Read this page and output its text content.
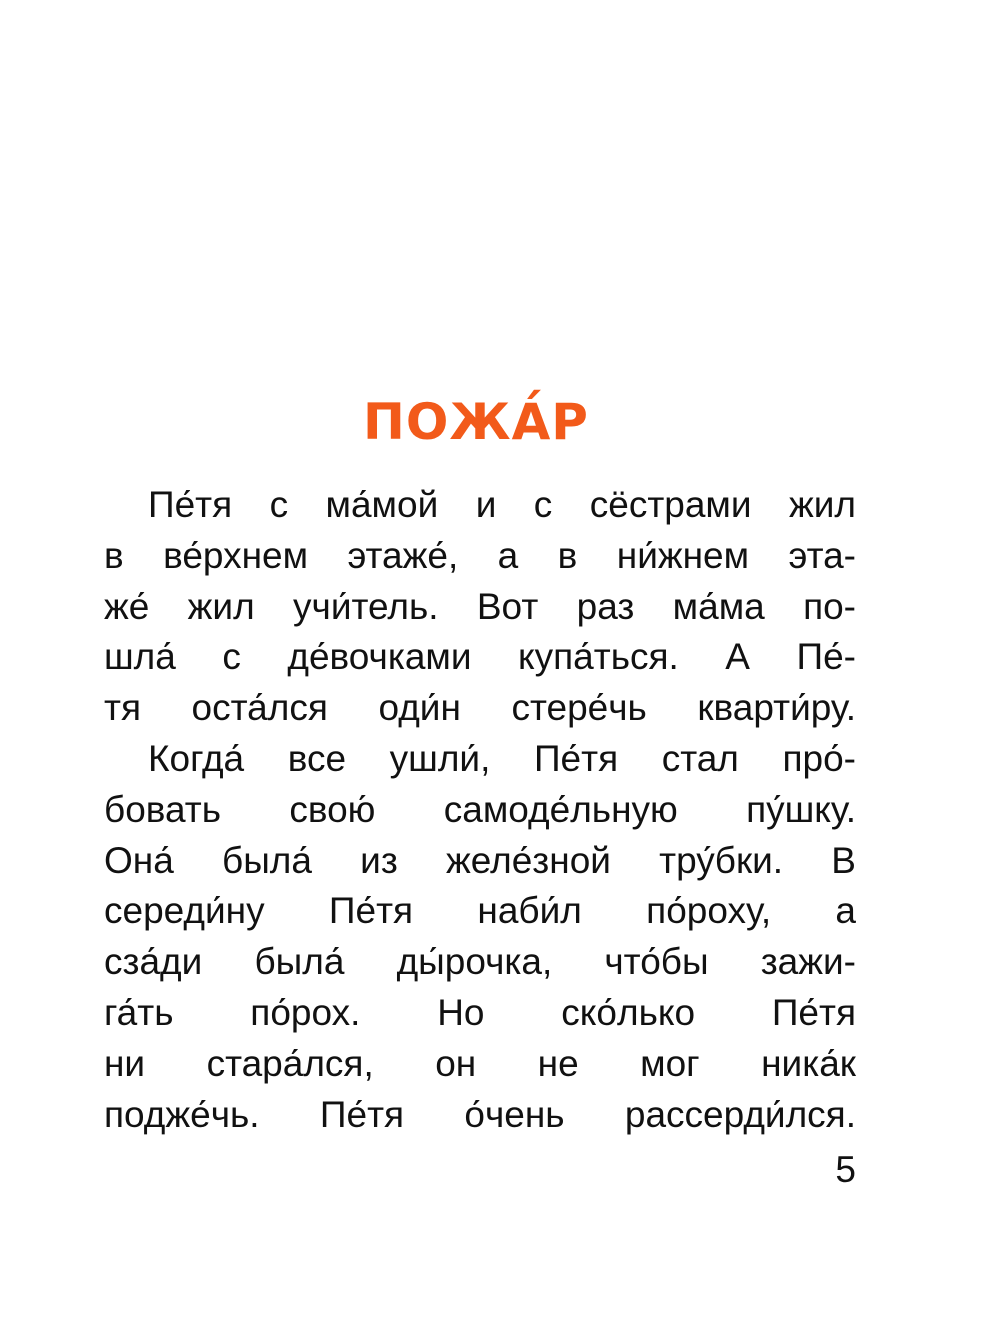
ПОЖА́Р
Пе́тя с ма́мой и с сёстрами жил
в ве́рхнем этаже́, а в ни́жнем эта-
же́ жил учи́тель. Вот раз ма́ма по-
шла́ с де́вочками купа́ться. А Пе́-
тя оста́лся оди́н стере́чь кварти́ру.
Когда́ все ушли́, Пе́тя стал про́-
бовать свою́ самоде́льную пу́шку.
Она́ была́ из желе́зной тру́бки. В
середи́ну Пе́тя наби́л по́роху, а
сза́ди была́ ды́рочка, что́бы зажи-
га́ть по́рох. Но ско́лько Пе́тя
ни стара́лся, он не мог ника́к
подже́чь. Пе́тя о́чень рассерди́лся.
5
